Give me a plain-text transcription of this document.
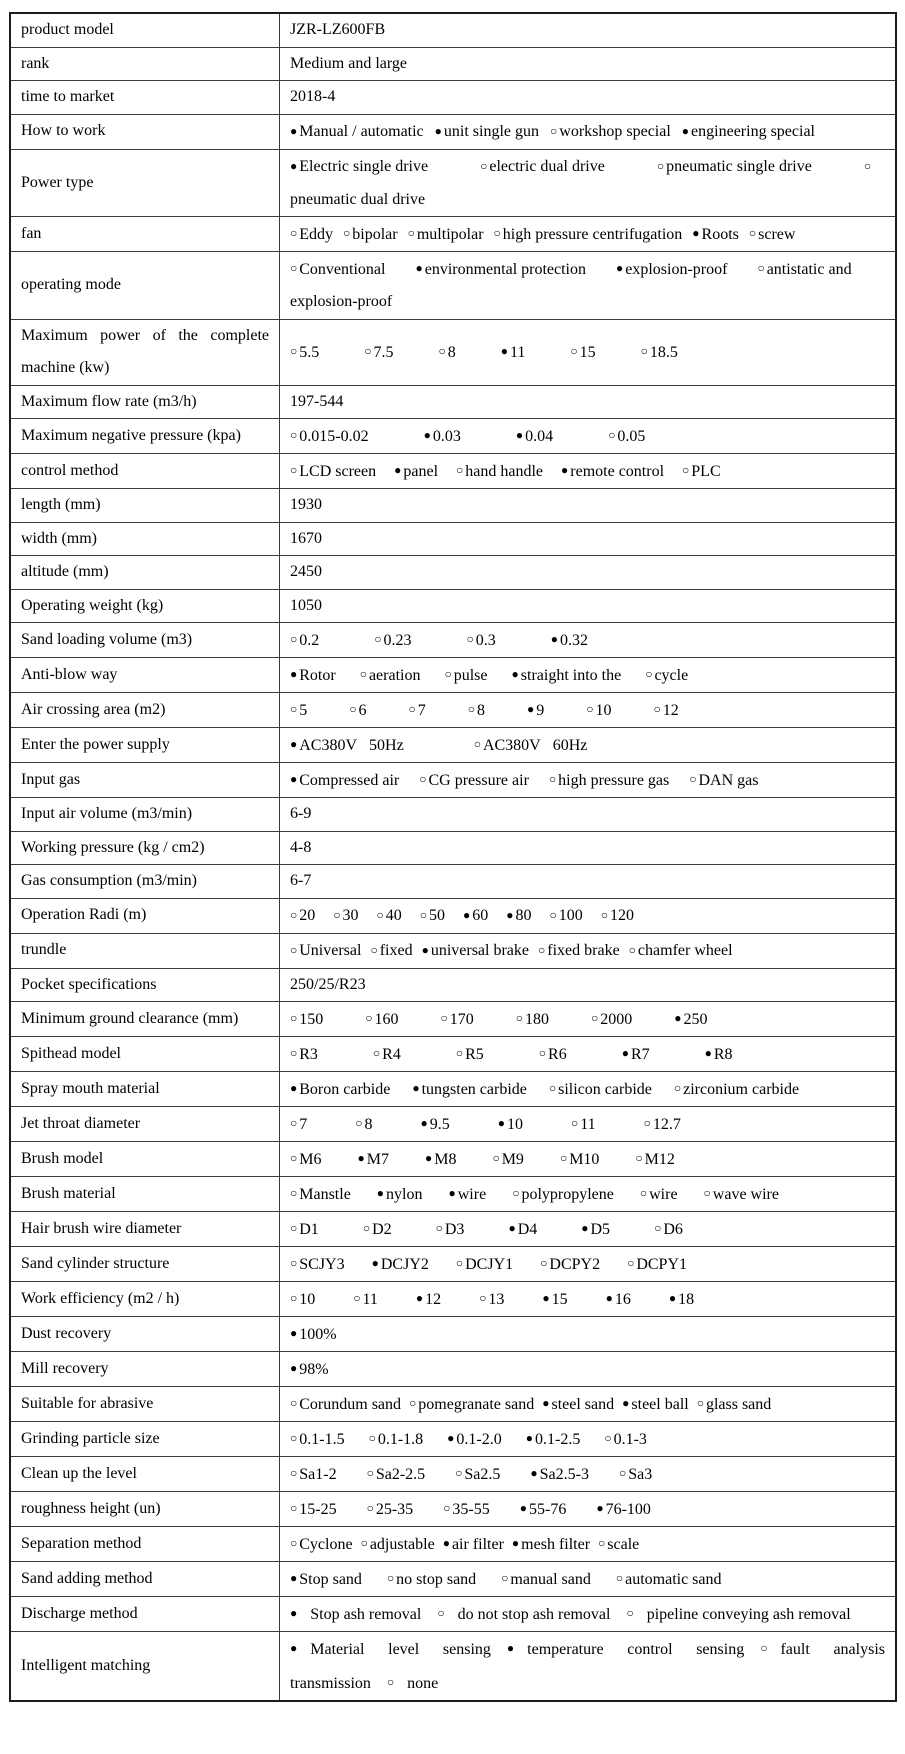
product model	JZR-LZ600FB
rank	Medium and large
time to market	2018-4
How to work	● Manual / automatic ● unit single gun ○ workshop special ● engineering special
Power type	● Electric single drive ○ electric dual drive ○ pneumatic single drive ○pneumatic dual drive
fan	○ Eddy ○ bipolar ○ multipolar ○ high pressure centrifugation ● Roots ○ screw
operating mode	○ Conventional ● environmental protection ● explosion-proof ○ antistatic and explosion-proof
Maximum power of the complete machine (kw)	○ 5.5 ○ 7.5 ○ 8 ● 11 ○ 15 ○ 18.5
Maximum flow rate (m3/h)	197-544
Maximum negative pressure (kpa)	○ 0.015-0.02 ● 0.03 ● 0.04 ○ 0.05
control method	○ LCD screen ● panel ○ hand handle ● remote control ○ PLC
length (mm)	1930
width (mm)	1670
altitude (mm)	2450
Operating weight (kg)	1050
Sand loading volume (m3)	○ 0.2 ○ 0.23 ○ 0.3 ● 0.32
Anti-blow way	● Rotor ○ aeration ○ pulse ● straight into the ○ cycle
Air crossing area (m2)	○ 5 ○ 6 ○ 7 ○ 8 ● 9 ○ 10 ○ 12
Enter the power supply	● AC380V   50Hz ○ AC380V   60Hz
Input gas	● Compressed air ○ CG pressure air ○ high pressure gas ○ DAN gas
Input air volume (m3/min)	6-9
Working pressure (kg / cm2)	4-8
Gas consumption (m3/min)	6-7
Operation Radi (m)	○ 20 ○ 30 ○ 40 ○ 50 ● 60 ● 80 ○ 100 ○ 120
trundle	○ Universal ○ fixed ● universal brake ○ fixed brake ○ chamfer wheel
Pocket specifications	250/25/R23
Minimum ground clearance (mm)	○ 150 ○ 160 ○ 170 ○ 180 ○ 2000 ● 250
Spithead model	○ R3 ○ R4 ○ R5 ○ R6 ● R7 ● R8
Spray mouth material	● Boron carbide ● tungsten carbide ○ silicon carbide ○ zirconium carbide
Jet throat diameter	○ 7 ○ 8 ● 9.5 ● 10 ○ 11 ○ 12.7
Brush model	○ M6 ● M7 ● M8 ○ M9 ○ M10 ○ M12
Brush material	○ Manstle ● nylon ● wire ○ polypropylene ○ wire ○ wave wire
Hair brush wire diameter	○ D1 ○ D2 ○ D3 ● D4 ● D5 ○ D6
Sand cylinder structure	○ SCJY3 ● DCJY2 ○ DCJY1 ○ DCPY2 ○ DCPY1
Work efficiency (m2 / h)	○ 10 ○ 11 ● 12 ○ 13 ● 15 ● 16 ● 18
Dust recovery	● 100%
Mill recovery	● 98%
Suitable for abrasive	○ Corundum sand ○ pomegranate sand ● steel sand ● steel ball ○ glass sand
Grinding particle size	○ 0.1-1.5 ○ 0.1-1.8 ● 0.1-2.0 ● 0.1-2.5 ○ 0.1-3
Clean up the level	○ Sa1-2 ○ Sa2-2.5 ○ Sa2.5 ● Sa2.5-3 ○ Sa3
roughness height (un)	○ 15-25 ○ 25-35 ○ 35-55 ● 55-76 ● 76-100
Separation method	○ Cyclone ○ adjustable ● air filter ● mesh filter ○ scale
Sand adding method	● Stop sand ○ no stop sand ○ manual sand ○ automatic sand
Discharge method	● Stop ash removal ○ do not stop ash removal ○ pipeline conveying ash removal
Intelligent matching	● Material level sensing ● temperature control sensing ○ fault analysis transmission ○ none
